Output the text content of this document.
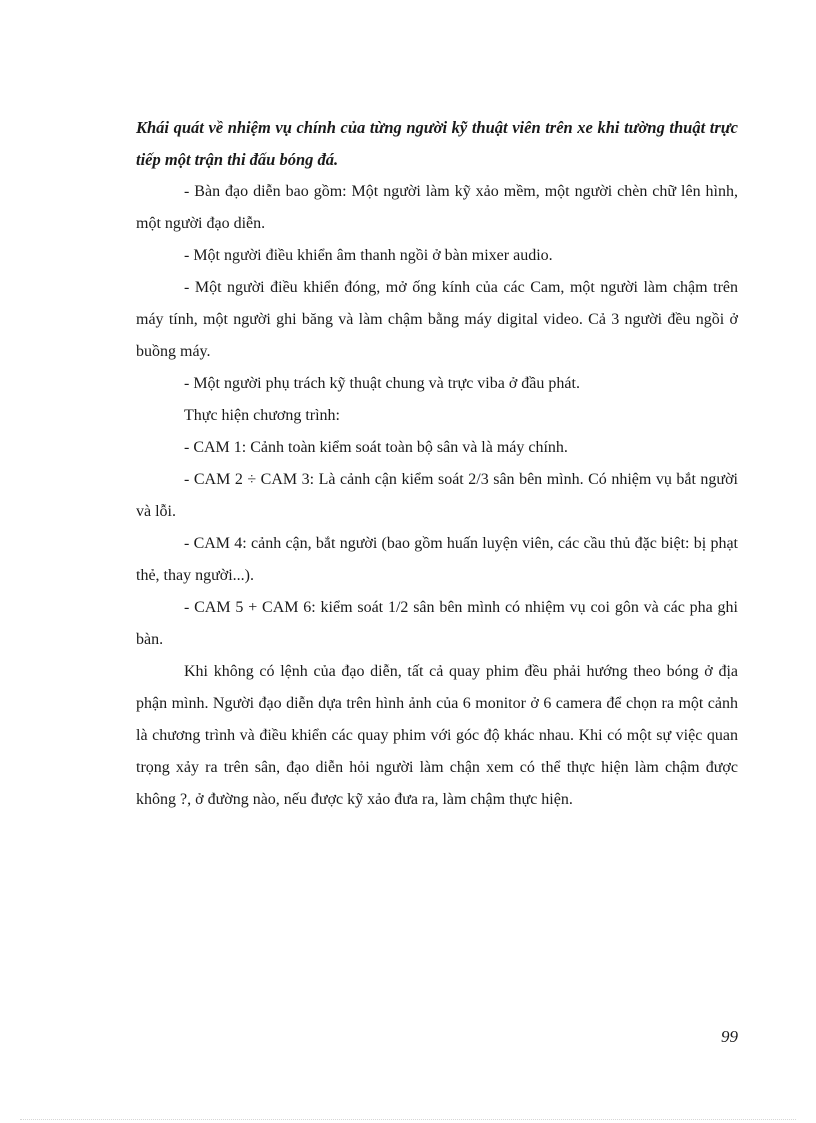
Khái quát về nhiệm vụ chính của từng người kỹ thuật viên trên xe khi tường thuật trực tiếp một trận thi đấu bóng đá.

- Bàn đạo diễn bao gồm: Một người làm kỹ xảo mềm, một người chèn chữ lên hình, một người đạo diễn.

- Một người điều khiển âm thanh ngồi ở bàn mixer audio.

- Một người điều khiển đóng, mở ống kính của các Cam, một người làm chậm trên máy tính, một người ghi băng và làm chậm bằng máy digital video. Cả 3 người đều ngồi ở buồng máy.

- Một người phụ trách kỹ thuật chung và trực viba ở đầu phát.

Thực hiện chương trình:

- CAM 1: Cảnh toàn kiểm soát toàn bộ sân và là máy chính.

- CAM 2 ÷ CAM 3: Là cảnh cận kiểm soát 2/3 sân bên mình. Có nhiệm vụ bắt người và lỗi.

- CAM 4: cảnh cận, bắt người (bao gồm huấn luyện viên, các cầu thủ đặc biệt: bị phạt thẻ, thay người...).

- CAM 5 + CAM 6: kiểm soát 1/2 sân bên mình có nhiệm vụ coi gôn và các pha ghi bàn.

Khi không có lệnh của đạo diễn, tất cả quay phim đều phải hướng theo bóng ở địa phận mình. Người đạo diễn dựa trên hình ảnh của 6 monitor ở 6 camera để chọn ra một cảnh là chương trình và điều khiển các quay phim với góc độ khác nhau. Khi có một sự việc quan trọng xảy ra trên sân, đạo diễn hỏi người làm chận xem có thể thực hiện làm chậm được không ?, ở đường nào, nếu được kỹ xảo đưa ra, làm chậm thực hiện.

99
